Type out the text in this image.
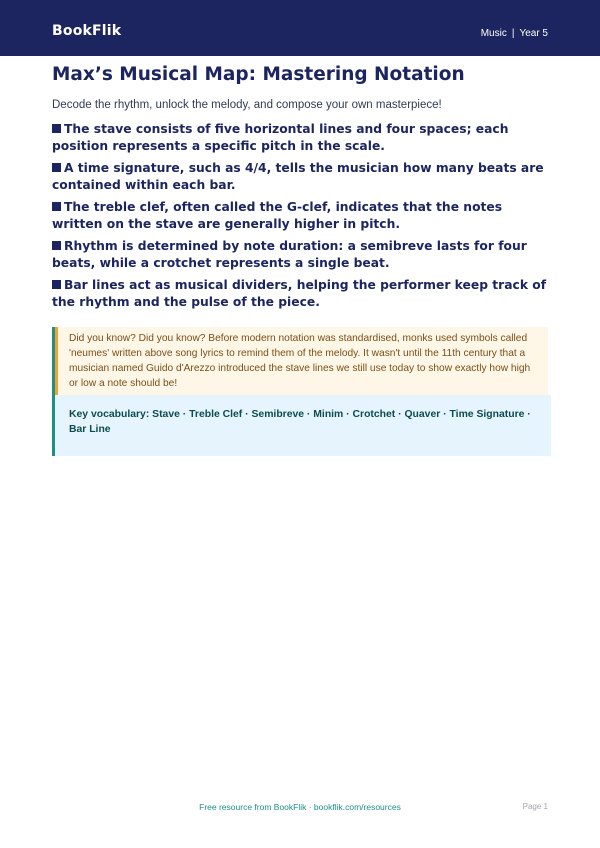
BookFlik	Music | Year 5
Max’s Musical Map: Mastering Notation

Decode the rhythm, unlock the melody, and compose your own masterpiece!

The stave consists of five horizontal lines and four spaces; each position represents a specific pitch in the scale.
A time signature, such as 4/4, tells the musician how many beats are contained within each bar.
The treble clef, often called the G-clef, indicates that the notes written on the stave are generally higher in pitch.
Rhythm is determined by note duration: a semibreve lasts for four beats, while a crotchet represents a single beat.
Bar lines act as musical dividers, helping the performer keep track of the rhythm and the pulse of the piece.
Did you know? Did you know? Before modern notation was standardised, monks used symbols called 'neumes' written above song lyrics to remind them of the melody. It wasn't until the 11th century that a musician named Guido d'Arezzo introduced the stave lines we still use today to show exactly how high or low a note should be!
Key vocabulary: Stave · Treble Clef · Semibreve · Minim · Crotchet · Quaver · Time Signature · Bar Line
Free resource from BookFlik · bookflik.com/resources	Page 1
